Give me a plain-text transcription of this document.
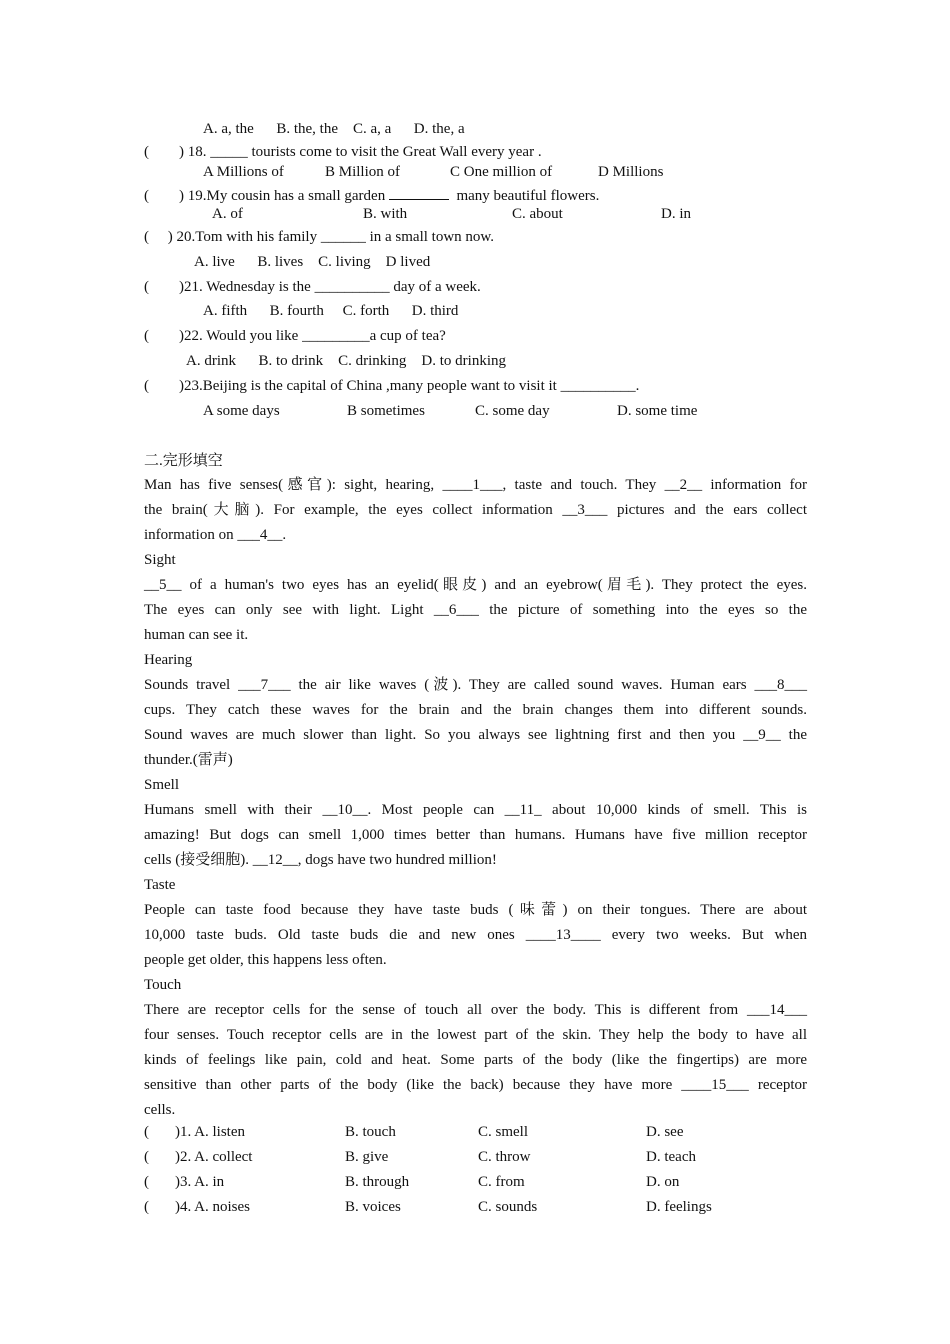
A. a, the      B. the, the    C. a, a      D. the, a
(        ) 18. _____ tourists come to visit the Great Wall every year .
A Millions of	B Million of	C One million of	D Millions
(        ) 19.My cousin has a small garden	many beautiful flowers.
A. of	B. with	C. about	D. in
(     ) 20.Tom with his family ______ in a small town now.
A. live      B. lives    C. living    D lived
(        )21. Wednesday is the __________ day of a week.
A. fifth      B. fourth     C. forth      D. third
(        )22. Would you like _________a cup of tea?
A. drink      B. to drink    C. drinking    D. to drinking
(        )23.Beijing is the capital of China ,many people want to visit it __________.
A some days	B sometimes	C. some day	D. some time
二.完形填空
Man has five senses(感官): sight, hearing, ____1___, taste and touch. They __2__ information for
the brain(大脑). For example, the eyes collect information __3___ pictures and the ears collect
information on ___4__.
Sight
__5__ of a human's two eyes has an eyelid(眼皮) and an eyebrow(眉毛). They protect the eyes.
The eyes can only see with light. Light __6___ the picture of something into the eyes so the
human can see it.
Hearing
Sounds travel ___7___ the air like waves (波). They are called sound waves. Human ears ___8___
cups. They catch these waves for the brain and the brain changes them into different sounds.
Sound waves are much slower than light. So you always see lightning first and then you __9__ the
thunder.(雷声)
Smell
Humans smell with their __10__. Most people can __11_ about 10,000 kinds of smell. This is
amazing! But dogs can smell 1,000 times better than humans. Humans have five million receptor
cells (接受细胞). __12__, dogs have two hundred million!
Taste
People can taste food because they have taste buds (味蕾) on their tongues. There are about
10,000 taste buds. Old taste buds die and new ones ____13____ every two weeks. But when
people get older, this happens less often.
Touch
There are receptor cells for the sense of touch all over the body. This is different from ___14___
four senses. Touch receptor cells are in the lowest part of the skin. They help the body to have all
kinds of feelings like pain, cold and heat. Some parts of the body (like the fingertips) are more
sensitive than other parts of the body (like the back) because they have more ____15___ receptor
cells.
( )1. A. listen	B. touch	C. smell	D. see
( )2. A. collect	B. give	C. throw	D. teach
( )3. A. in	B. through	C. from	D. on
( )4. A. noises	B. voices	C. sounds	D. feelings
